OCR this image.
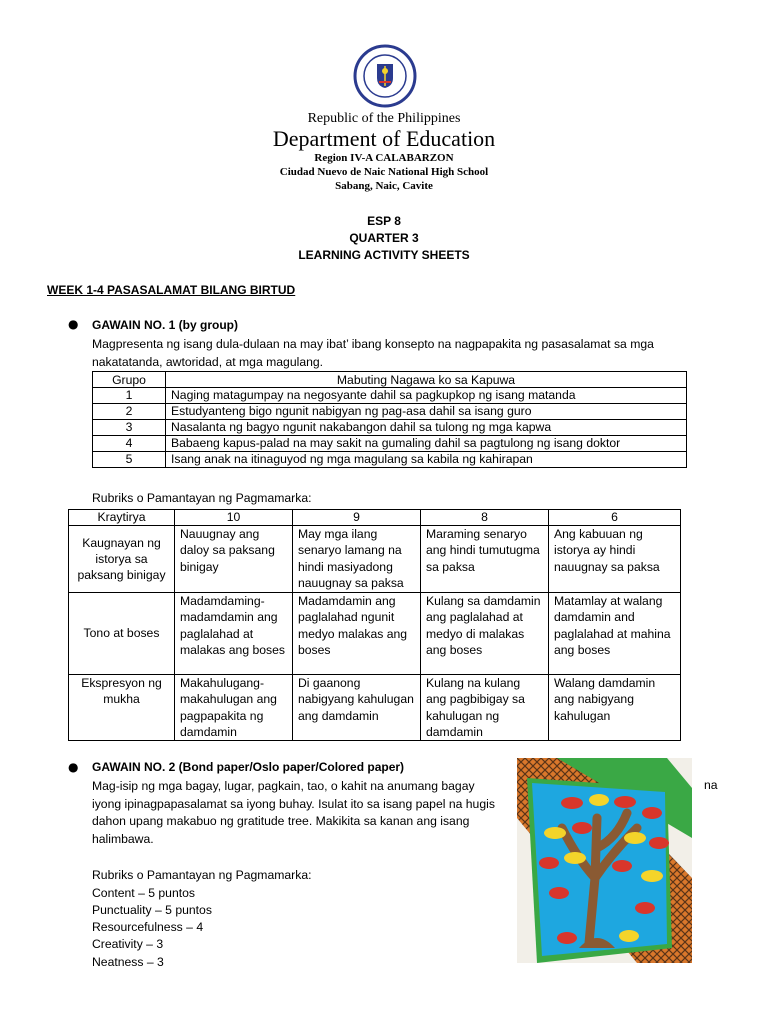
Republic of the Philippines
Department of Education
Region IV-A CALABARZON
Ciudad Nuevo de Naic National High School
Sabang, Naic, Cavite
ESP 8
QUARTER 3
LEARNING ACTIVITY SHEETS
WEEK 1-4 PASASALAMAT BILANG BIRTUD
● GAWAIN NO. 1 (by group)
Magpresenta ng isang dula-dulaan na may ibat’ ibang konsepto na nagpapakita ng pasasalamat sa mga nakatatanda, awtoridad, at mga magulang.
Grupo	Mabuting Nagawa ko sa Kapuwa
1	Naging matagumpay na negosyante dahil sa pagkupkop ng isang matanda
2	Estudyanteng bigo ngunit nabigyan ng pag-asa dahil sa isang guro
3	Nasalanta ng bagyo ngunit nakabangon dahil sa tulong ng mga kapwa
4	Babaeng kapus-palad na may sakit na gumaling dahil sa pagtulong ng isang doktor
5	Isang anak na itinaguyod ng mga magulang sa kabila ng kahirapan
Rubriks o Pamantayan ng Pagmamarka:
Kraytirya	10	9	8	6
Kaugnayan ng istorya sa paksang binigay	Nauugnay ang daloy sa paksang binigay	May mga ilang senaryo lamang na hindi masiyadong nauugnay sa paksa	Maraming senaryo ang hindi tumutugma sa paksa	Ang kabuuan ng istorya ay hindi nauugnay sa paksa
Tono at boses	Madamdaming-madamdamin ang paglalahad at malakas ang boses	Madamdamin ang paglalahad ngunit medyo malakas ang boses	Kulang sa damdamin ang paglalahad at medyo di malakas ang boses	Matamlay at walang damdamin and paglalahad at mahina ang boses
Ekspresyon ng mukha	Makahulugang-makahulugan ang pagpapakita ng damdamin	Di gaanong nabigyang kahulugan ang damdamin	Kulang na kulang ang pagbibigay sa kahulugan ng damdamin	Walang damdamin ang nabigyang kahulugan
● GAWAIN NO. 2 (Bond paper/Oslo paper/Colored paper)
Mag-isip ng mga bagay, lugar, pagkain, tao, o kahit na anumang bagay iyong ipinagpapasalamat sa iyong buhay. Isulat ito sa isang papel na hugis dahon upang makabuo ng gratitude tree. Makikita sa kanan ang isang halimbawa.
na
Rubriks o Pamantayan ng Pagmamarka:
Content – 5 puntos
Punctuality – 5 puntos
Resourcefulness – 4
Creativity – 3
Neatness – 3
